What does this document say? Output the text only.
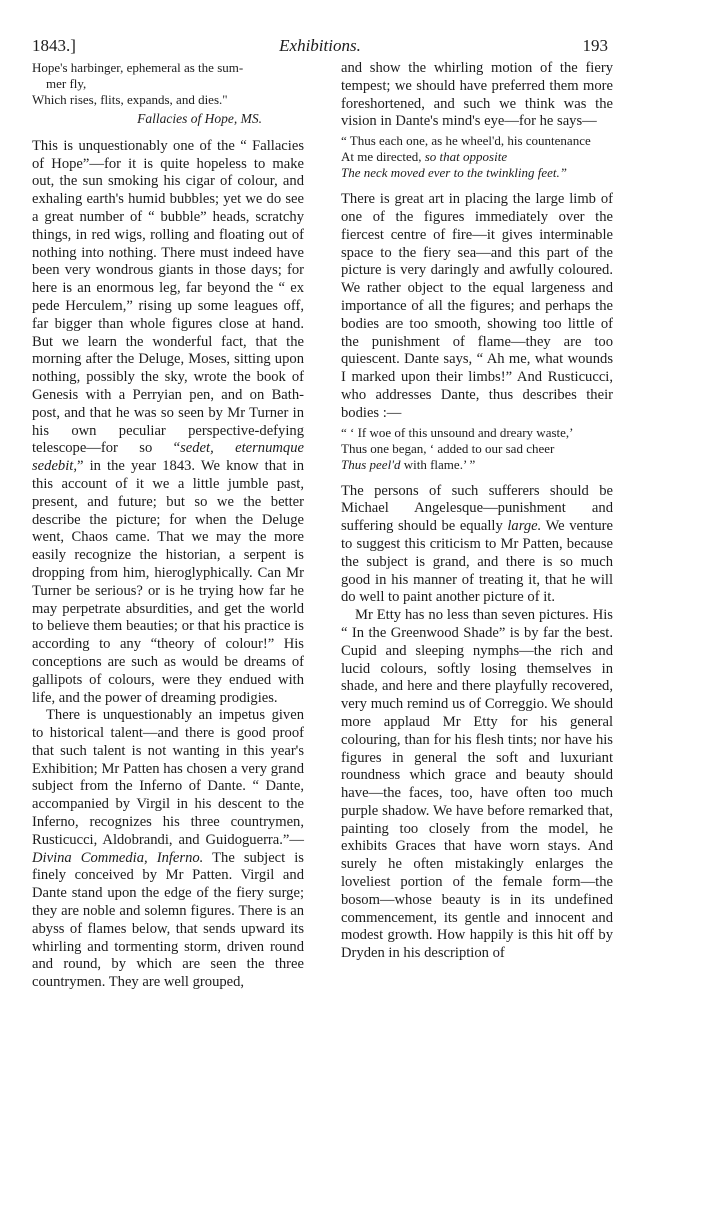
1843.]	Exhibitions.	193
Hope's harbinger, ephemeral as the sum-
mer fly,
Which rises, flits, expands, and dies."
Fallacies of Hope, MS.

This is unquestionably one of the “ Fallacies of Hope”—for it is quite hopeless to make out, the sun smoking his cigar of colour, and exhaling earth's humid bubbles; yet we do see a great number of “ bubble” heads, scratchy things, in red wigs, rolling and floating out of nothing into nothing. There must indeed have been very wondrous giants in those days; for here is an enormous leg, far beyond the “ ex pede Herculem,” rising up some leagues off, far bigger than whole figures close at hand. But we learn the wonderful fact, that the morning after the Deluge, Moses, sitting upon nothing, possibly the sky, wrote the book of Genesis with a Perryian pen, and on Bath-post, and that he was so seen by Mr Turner in his own peculiar perspective-defying telescope—for so “sedet, eternumque sedebit,” in the year 1843. We know that in this account of it we a little jumble past, present, and future; but so we the better describe the picture; for when the Deluge went, Chaos came. That we may the more easily recognize the historian, a serpent is dropping from him, hieroglyphically. Can Mr Turner be serious? or is he trying how far he may perpetrate absurdities, and get the world to believe them beauties; or that his practice is according to any “theory of colour!” His conceptions are such as would be dreams of gallipots of colours, were they endued with life, and the power of dreaming prodigies.

There is unquestionably an impetus given to historical talent—and there is good proof that such talent is not wanting in this year's Exhibition; Mr Patten has chosen a very grand subject from the Inferno of Dante. “ Dante, accompanied by Virgil in his descent to the Inferno, recognizes his three countrymen, Rusticucci, Aldobrandi, and Guidoguerra.”—Divina Commedia, Inferno. The subject is finely conceived by Mr Patten. Virgil and Dante stand upon the edge of the fiery surge; they are noble and solemn figures. There is an abyss of flames below, that sends upward its whirling and tormenting storm, driven round and round, by which are seen the three countrymen. They are well grouped,

and show the whirling motion of the fiery tempest; we should have preferred them more foreshortened, and such we think was the vision in Dante's mind's eye—for he says—

“ Thus each one, as he wheel'd, his countenance
At me directed, so that opposite
The neck moved ever to the twinkling feet.”

There is great art in placing the large limb of one of the figures immediately over the fiercest centre of fire—it gives interminable space to the fiery sea—and this part of the picture is very daringly and awfully coloured. We rather object to the equal largeness and importance of all the figures; and perhaps the bodies are too smooth, showing too little of the punishment of flame—they are too quiescent. Dante says, “ Ah me, what wounds I marked upon their limbs!” And Rusticucci, who addresses Dante, thus describes their bodies :—

“ ‘ If woe of this unsound and dreary waste,’
Thus one began, ‘ added to our sad cheer
Thus peel'd with flame.’ ”

The persons of such sufferers should be Michael Angelesque—punishment and suffering should be equally large. We venture to suggest this criticism to Mr Patten, because the subject is grand, and there is so much good in his manner of treating it, that he will do well to paint another picture of it.

Mr Etty has no less than seven pictures. His “ In the Greenwood Shade” is by far the best. Cupid and sleeping nymphs—the rich and lucid colours, softly losing themselves in shade, and here and there playfully recovered, very much remind us of Correggio. We should more applaud Mr Etty for his general colouring, than for his flesh tints; nor have his figures in general the soft and luxuriant roundness which grace and beauty should have—the faces, too, have often too much purple shadow. We have before remarked that, painting too closely from the model, he exhibits Graces that have worn stays. And surely he often mistakingly enlarges the loveliest portion of the female form—the bosom—whose beauty is in its undefined commencement, its gentle and innocent and modest growth. How happily is this hit off by Dryden in his description of
